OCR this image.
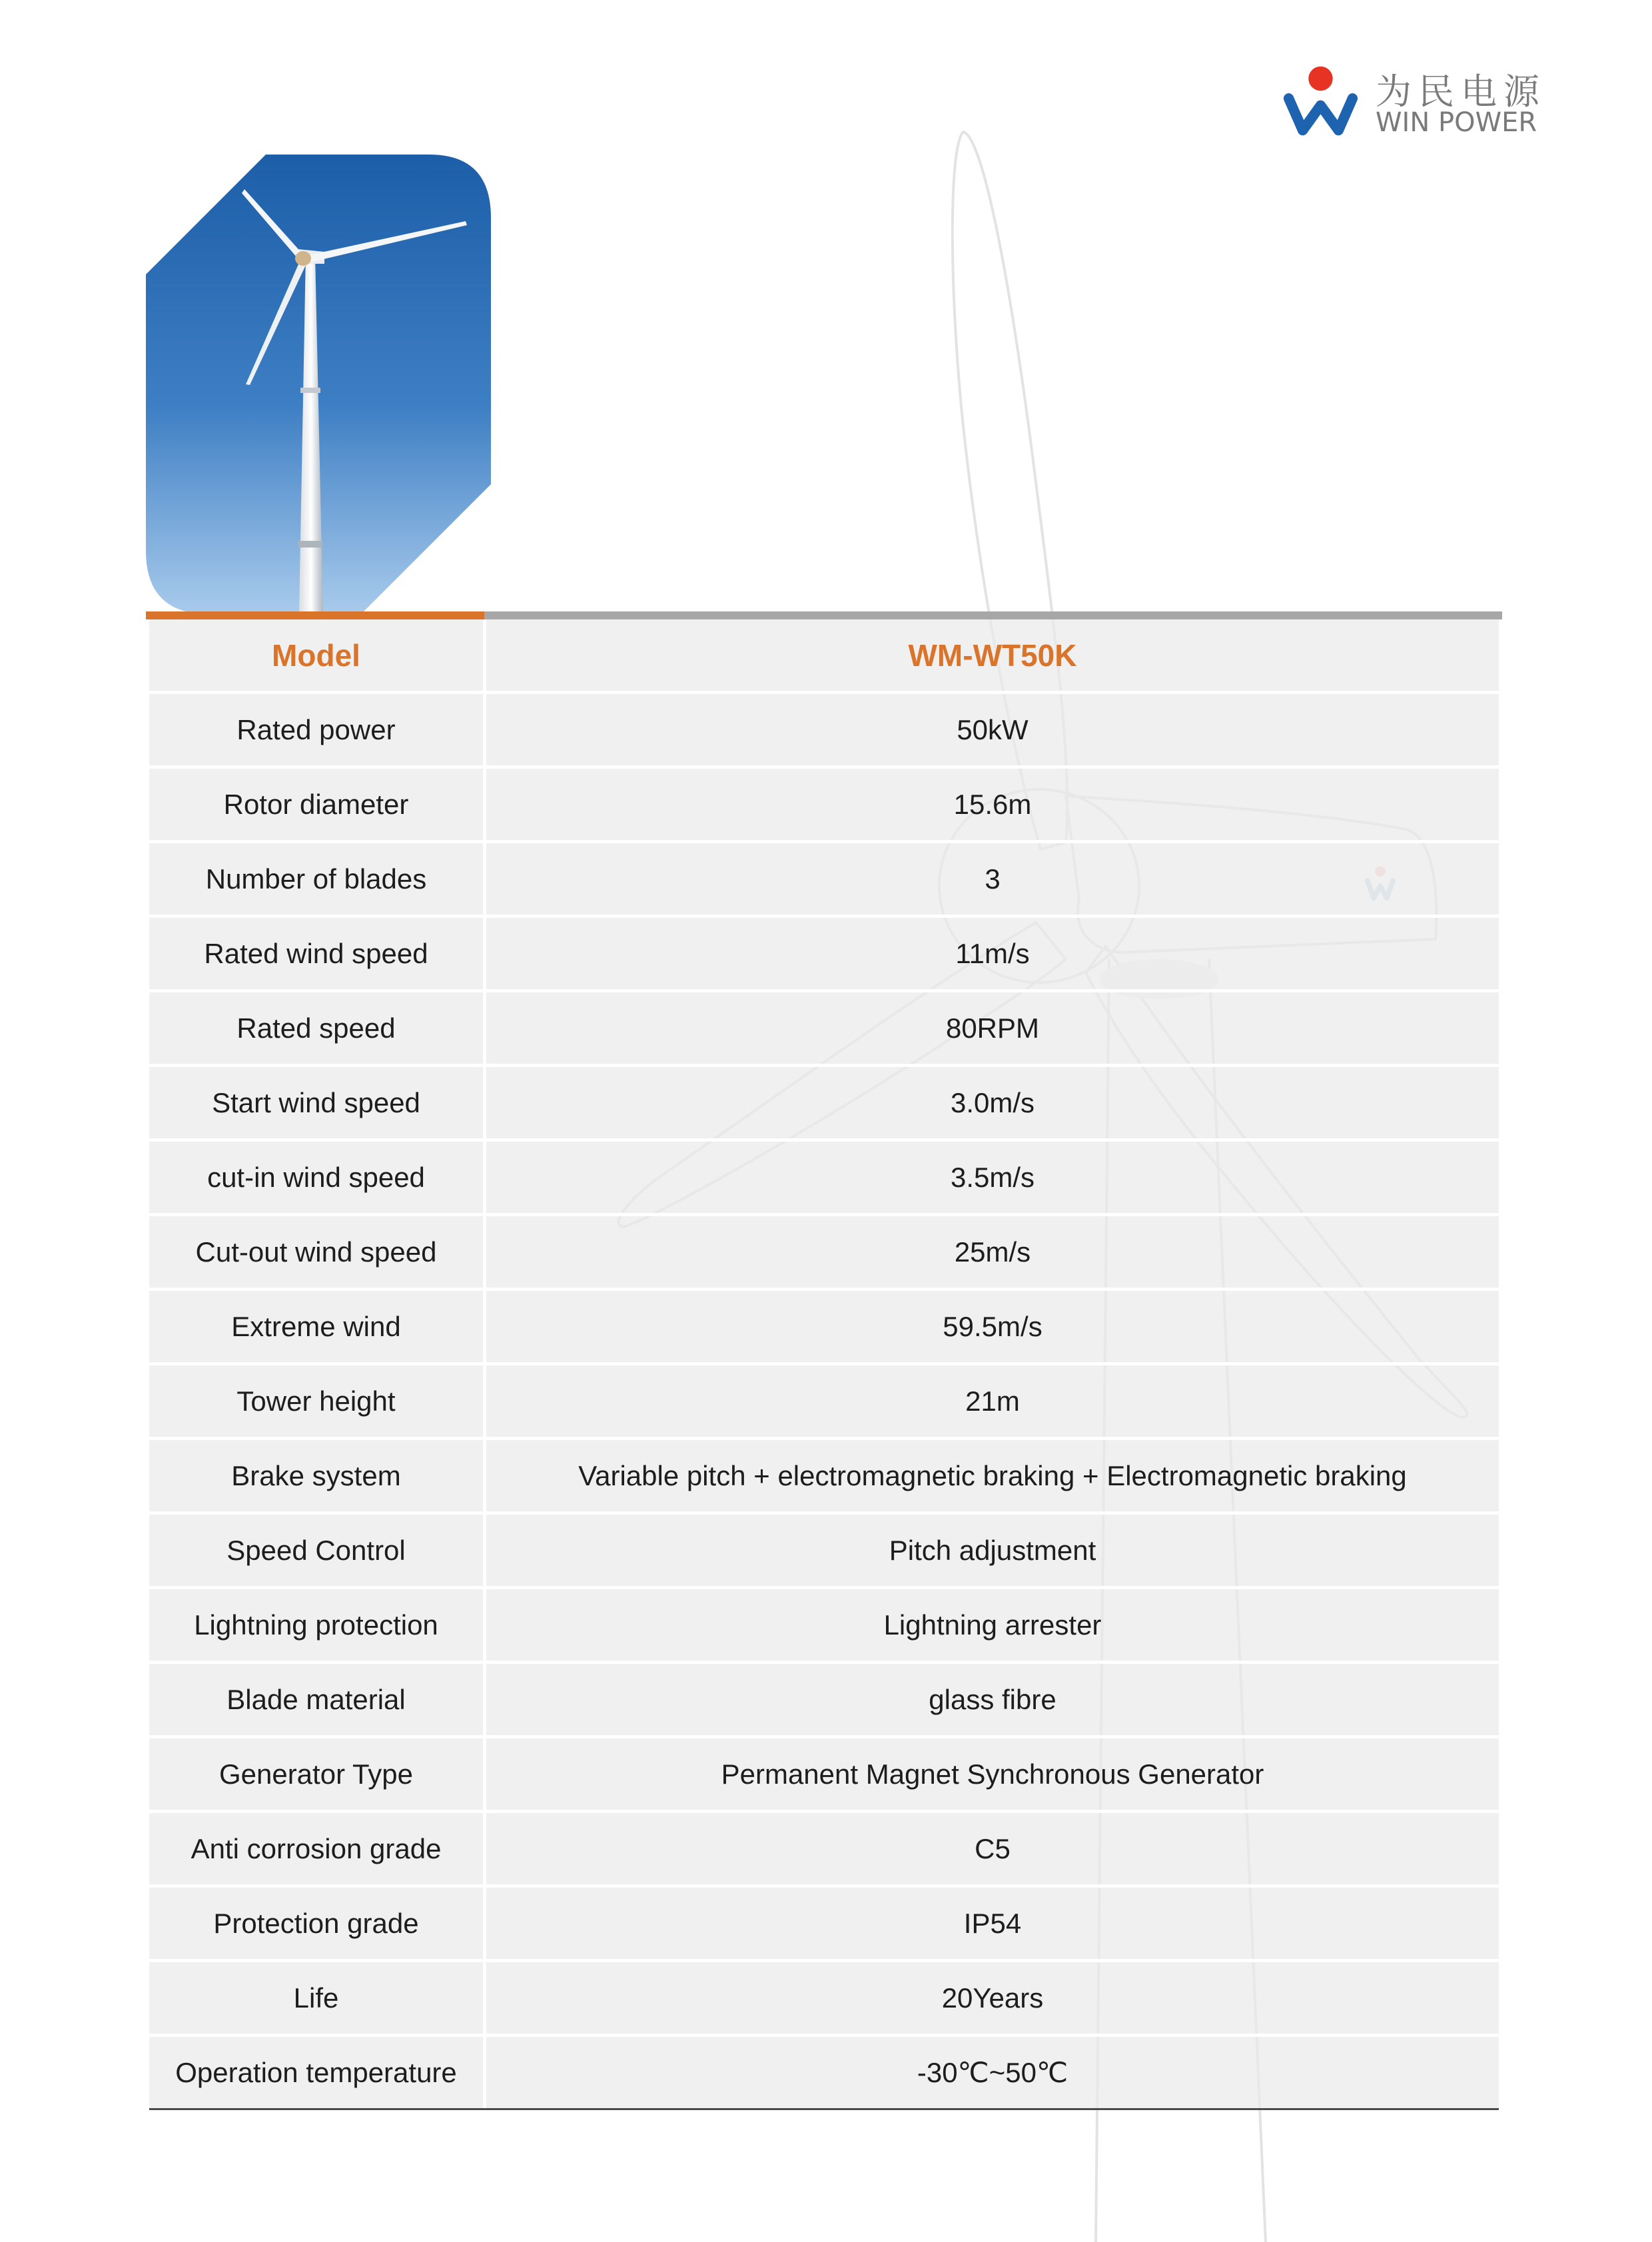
为民电源
WIN POWER
Model	WM-WT50K
Rated power	50kW
Rotor diameter	15.6m
Number of blades	3
Rated wind speed	11m/s
Rated speed	80RPM
Start wind speed	3.0m/s
cut-in wind speed	3.5m/s
Cut-out wind speed	25m/s
Extreme wind	59.5m/s
Tower height	21m
Brake system	Variable pitch + electromagnetic braking + Electromagnetic braking
Speed Control	Pitch adjustment
Lightning protection	Lightning arrester
Blade material	glass fibre
Generator Type	Permanent Magnet Synchronous Generator
Anti corrosion grade	C5
Protection grade	IP54
Life	20Years
Operation temperature	-30℃~50℃
